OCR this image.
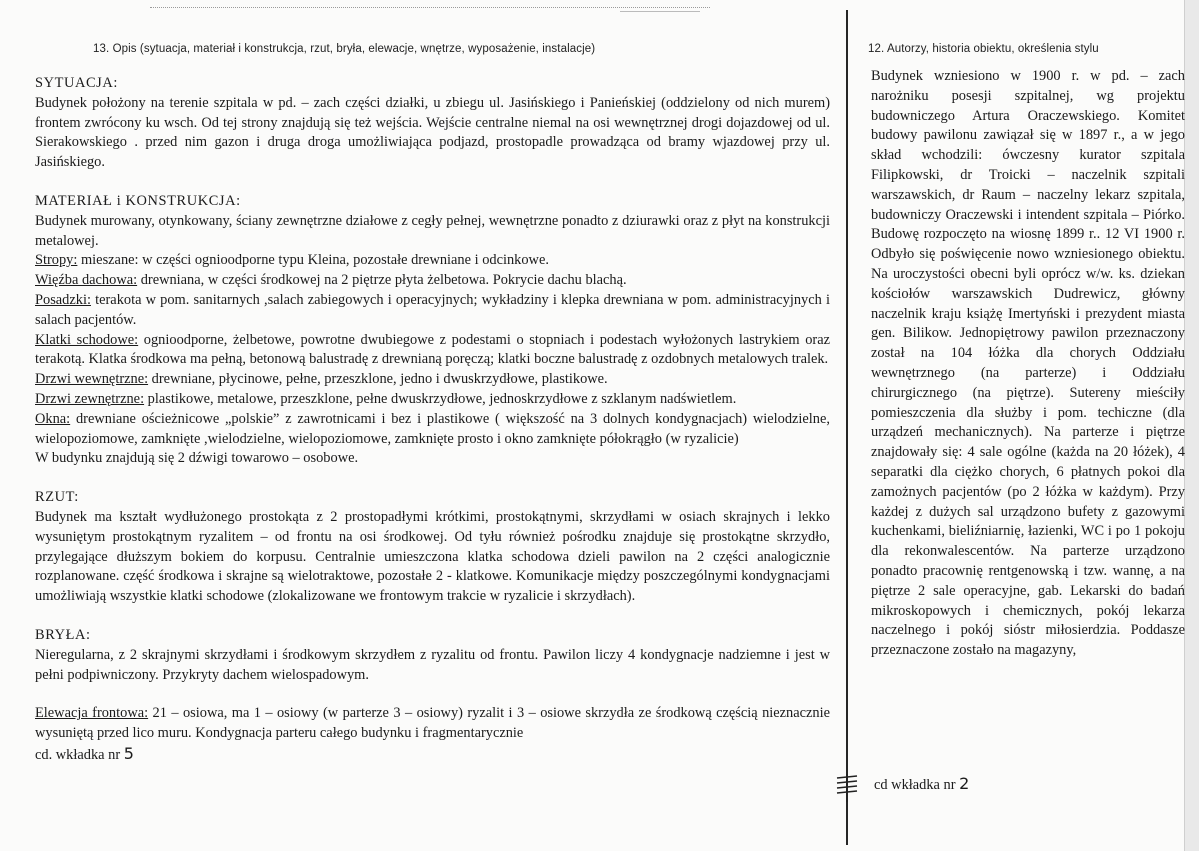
13. Opis (sytuacja, materiał i konstrukcja, rzut, bryła, elewacje, wnętrze, wyposażenie, instalacje)	12. Autorzy, historia obiektu, określenia stylu
SYTUACJA:

Budynek położony na terenie szpitala w pd. – zach części działki, u zbiegu ul. Jasińskiego i Panieńskiej (oddzielony od nich murem) frontem zwrócony ku wsch. Od tej strony znajdują się też wejścia. Wejście centralne niemal na osi wewnętrznej drogi dojazdowej od ul. Sierakowskiego . przed nim gazon i druga droga umożliwiająca podjazd, prostopadle prowadząca od bramy wjazdowej przy ul. Jasińskiego.

MATERIAŁ i KONSTRUKCJA:

Budynek murowany, otynkowany, ściany zewnętrzne działowe z cegły pełnej, wewnętrzne ponadto z dziurawki oraz z płyt na konstrukcji metalowej.

Stropy: mieszane: w części ognioodporne typu Kleina, pozostałe drewniane i odcinkowe.

Więźba dachowa: drewniana, w części środkowej na 2 piętrze płyta żelbetowa. Pokrycie dachu blachą.

Posadzki: terakota w pom. sanitarnych ,salach zabiegowych i operacyjnych; wykładziny i klepka drewniana w pom. administracyjnych i salach pacjentów.

Klatki schodowe: ognioodporne, żelbetowe, powrotne dwubiegowe z podestami o stopniach i podestach wyłożonych lastrykiem oraz terakotą. Klatka środkowa ma pełną, betonową balustradę z drewnianą poręczą; klatki boczne balustradę z ozdobnych metalowych tralek.

Drzwi wewnętrzne: drewniane, płycinowe, pełne, przeszklone, jedno i dwuskrzydłowe, plastikowe.

Drzwi zewnętrzne: plastikowe, metalowe, przeszklone, pełne dwuskrzydłowe, jednoskrzydłowe z szklanym nadświetlem.

Okna: drewniane ościeżnicowe „polskie” z zawrotnicami i bez i plastikowe ( większość na 3 dolnych kondygnacjach) wielodzielne, wielopoziomowe, zamknięte ,wielodzielne, wielopoziomowe, zamknięte prosto i okno zamknięte półokrągło (w ryzalicie)

W budynku znajdują się 2 dźwigi towarowo – osobowe.

RZUT:

Budynek ma kształt wydłużonego prostokąta z 2 prostopadłymi krótkimi, prostokątnymi, skrzydłami w osiach skrajnych i lekko wysuniętym prostokątnym ryzalitem – od frontu na osi środkowej. Od tyłu również pośrodku znajduje się prostokątne skrzydło, przylegające dłuższym bokiem do korpusu. Centralnie umieszczona klatka schodowa dzieli pawilon na 2 części analogicznie rozplanowane. część środkowa i skrajne są wielotraktowe, pozostałe 2 - klatkowe. Komunikacje między poszczególnymi kondygnacjami umożliwiają wszystkie klatki schodowe (zlokalizowane we frontowym trakcie w ryzalicie i skrzydłach).

BRYŁA:

Nieregularna, z 2 skrajnymi skrzydłami i środkowym skrzydłem z ryzalitu od frontu. Pawilon liczy 4 kondygnacje nadziemne i jest w pełni podpiwniczony. Przykryty dachem wielospadowym.

Elewacja frontowa: 21 – osiowa, ma 1 – osiowy (w parterze 3 – osiowy) ryzalit i 3 – osiowe skrzydła ze środkową częścią nieznacznie wysuniętą przed lico muru. Kondygnacja parteru całego budynku i fragmentarycznie

cd. wkładka nr 5

Budynek wzniesiono w 1900 r. w pd. – zach narożniku posesji szpitalnej, wg projektu budowniczego Artura Oraczewskiego. Komitet budowy pawilonu zawiązał się w 1897 r., a w jego skład wchodzili: ówczesny kurator szpitala Filipkowski, dr Troicki – naczelnik szpitali warszawskich, dr Raum – naczelny lekarz szpitala, budowniczy Oraczewski i intendent szpitala – Piórko. Budowę rozpoczęto na wiosnę 1899 r.. 12 VI 1900 r. Odbyło się poświęcenie nowo wzniesionego obiektu. Na uroczystości obecni byli oprócz w/w. ks. dziekan kościołów warszawskich Dudrewicz, główny naczelnik kraju książę Imertyński i prezydent miasta gen. Bilikow. Jednopiętrowy pawilon przeznaczony został na 104 łóżka dla chorych Oddziału wewnętrznego (na parterze) i Oddziału chirurgicznego (na piętrze). Sutereny mieściły pomieszczenia dla służby i pom. techiczne (dla urządzeń mechanicznych). Na parterze i piętrze znajdowały się: 4 sale ogólne (każda na 20 łóżek), 4 separatki dla ciężko chorych, 6 płatnych pokoi dla zamożnych pacjentów (po 2 łóżka w każdym). Przy każdej z dużych sal urządzono bufety z gazowymi kuchenkami, bieliźniarnię, łazienki, WC i po 1 pokoju dla rekonwalescentów. Na parterze urządzono ponadto pracownię rentgenowską i tzw. wannę, a na piętrze 2 sale operacyjne, gab. Lekarski do badań mikroskopowych i chemicznych, pokój lekarza naczelnego i pokój sióstr miłosierdzia. Poddasze przeznaczone zostało na magazyny,

cd wkładka nr 2
